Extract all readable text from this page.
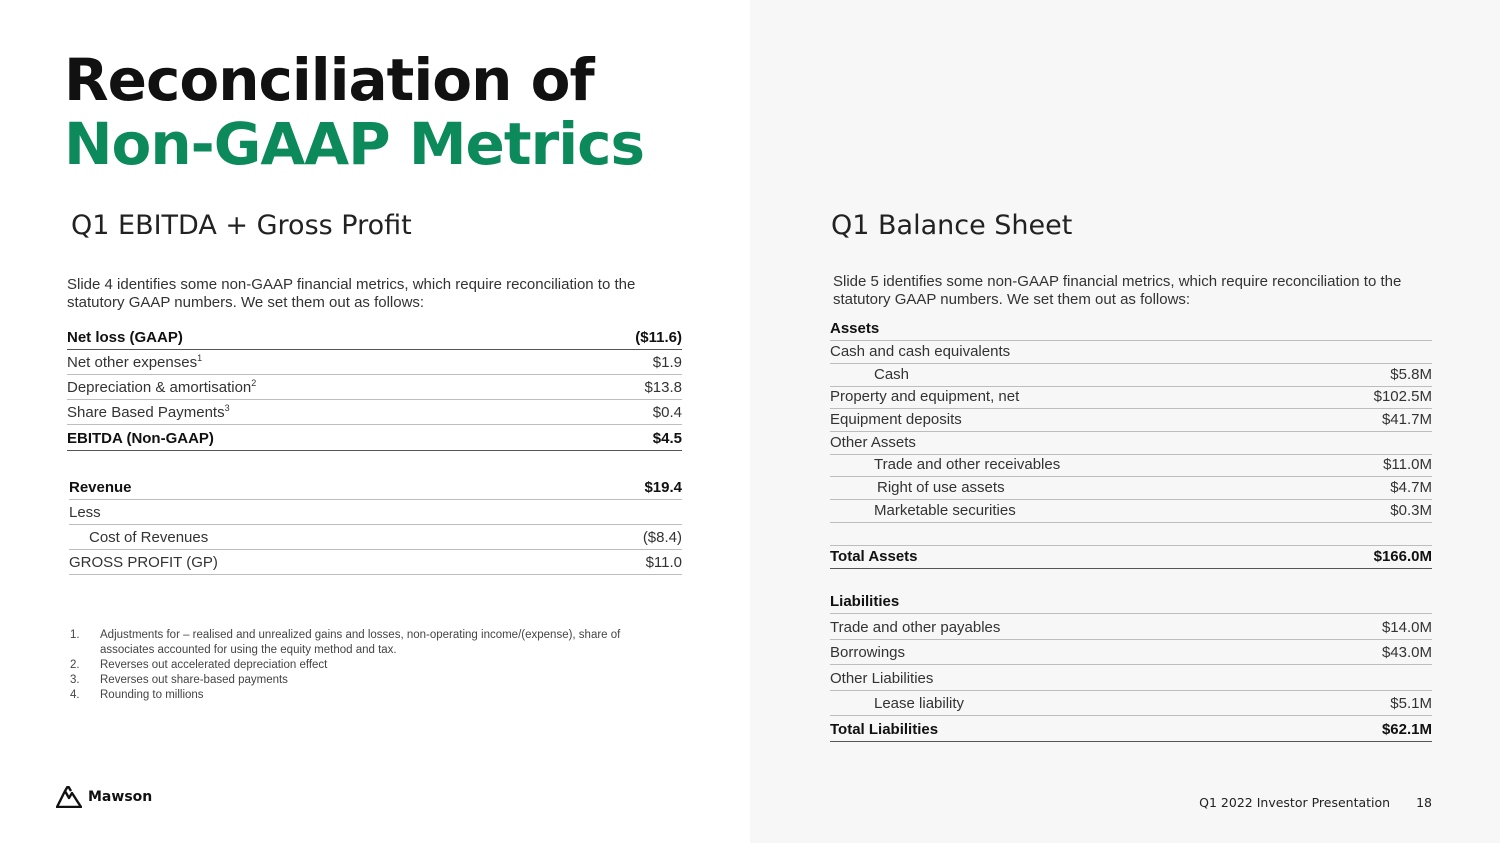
Reconciliation of
Non-GAAP Metrics
Q1 EBITDA + Gross Profit
Slide 4 identifies some non-GAAP financial metrics, which require reconciliation to the statutory GAAP numbers. We set them out as follows:
Net loss (GAAP)	($11.6)
Net other expenses$^1$	$1.9
Depreciation & amortisation$^2$	$13.8
Share Based Payments$^3$	$0.4
EBITDA (Non-GAAP)	$4.5
Revenue	$19.4
Less
Cost of Revenues	($8.4)
GROSS PROFIT (GP)	$11.0
1.	Adjustments for – realised and unrealized gains and losses, non-operating income/(expense), share of associates accounted for using the equity method and tax.
2.	Reverses out accelerated depreciation effect
3.	Reverses out share-based payments
4.	Rounding to millions
Q1 Balance Sheet
Slide 5 identifies some non-GAAP financial metrics, which require reconciliation to the statutory GAAP numbers. We set them out as follows:
Assets
Cash and cash equivalents
Cash	$5.8M
Property and equipment, net	$102.5M
Equipment deposits	$41.7M
Other Assets
Trade and other receivables	$11.0M
Right of use assets	$4.7M
Marketable securities	$0.3M
Total Assets	$166.0M
Liabilities
Trade and other payables	$14.0M
Borrowings	$43.0M
Other Liabilities
Lease liability	$5.1M
Total Liabilities	$62.1M
Mawson	Q1 2022 Investor Presentation 18
